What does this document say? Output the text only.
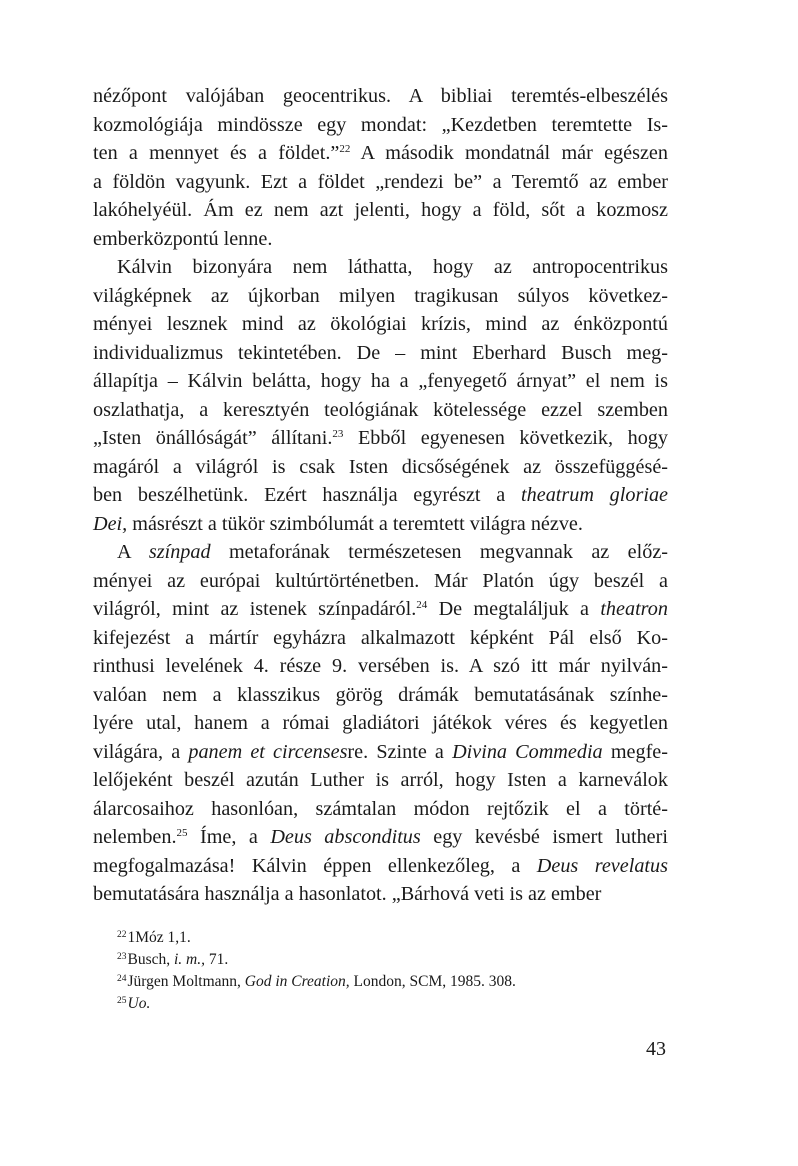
nézőpont valójában geocentrikus. A bibliai teremtés-elbeszélés
kozmológiája mindössze egy mondat: „Kezdetben teremtette Is-
ten a mennyet és a földet.”$^{22}$ A második mondatnál már egészen
a földön vagyunk. Ezt a földet „rendezi be” a Teremtő az ember
lakóhelyéül. Ám ez nem azt jelenti, hogy a föld, sőt a kozmosz
emberközpontú lenne.
Kálvin bizonyára nem láthatta, hogy az antropocentrikus
világképnek az újkorban milyen tragikusan súlyos következ-
ményei lesznek mind az ökológiai krízis, mind az énközpontú
individualizmus tekintetében. De – mint Eberhard Busch meg-
állapítja – Kálvin belátta, hogy ha a „fenyegető árnyat” el nem is
oszlathatja, a keresztyén teológiának kötelessége ezzel szemben
„Isten önállóságát” állítani.$^{23}$ Ebből egyenesen következik, hogy
magáról a világról is csak Isten dicsőségének az összefüggésé-
ben beszélhetünk. Ezért használja egyrészt a theatrum gloriae
Dei, másrészt a tükör szimbólumát a teremtett világra nézve.
A színpad metaforának természetesen megvannak az előz-
ményei az európai kultúrtörténetben. Már Platón úgy beszél a
világról, mint az istenek színpadáról.$^{24}$ De megtaláljuk a theatron
kifejezést a mártír egyházra alkalmazott képként Pál első Ko-
rinthusi levelének 4. része 9. versében is. A szó itt már nyilván-
valóan nem a klasszikus görög drámák bemutatásának színhe-
lyére utal, hanem a római gladiátori játékok véres és kegyetlen
világára, a panem et circensesre. Szinte a Divina Commedia megfe-
lelőjeként beszél azután Luther is arról, hogy Isten a karneválok
álarcosaihoz hasonlóan, számtalan módon rejtőzik el a törté-
nelemben.$^{25}$ Íme, a Deus absconditus egy kevésbé ismert lutheri
megfogalmazása! Kálvin éppen ellenkezőleg, a Deus revelatus
bemutatására használja a hasonlatot. „Bárhová veti is az ember
$^{22}$1Móz 1,1.
$^{23}$Busch, i. m., 71.
$^{24}$Jürgen Moltmann, God in Creation, London, SCM, 1985. 308.
$^{25}$Uo.
43
